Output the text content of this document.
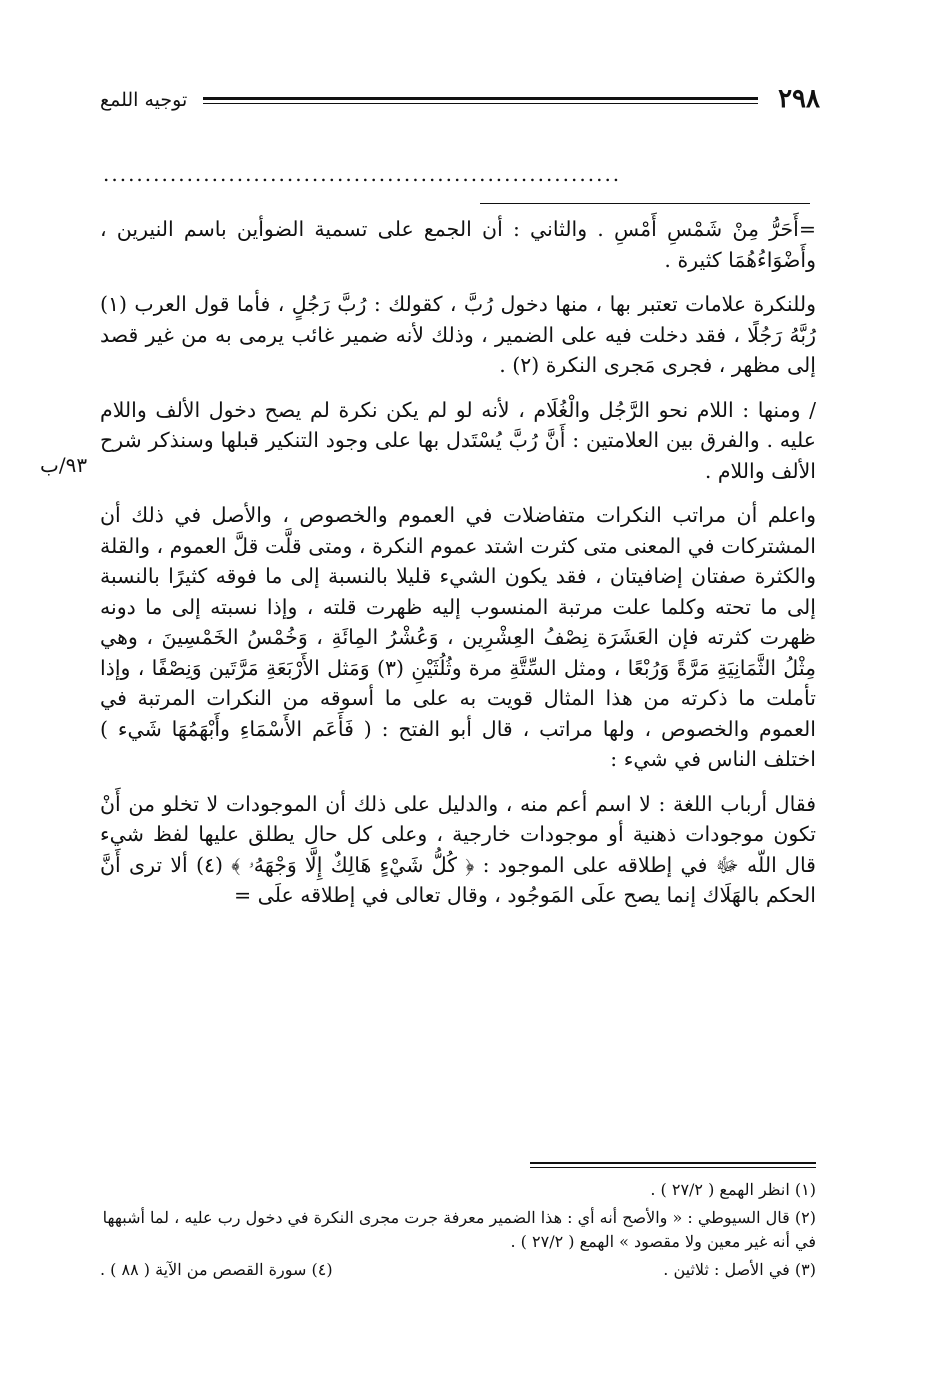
٢٩٨
توجيه اللمع
..............................................................
٩٣/ب

=أَحَرُّ مِنْ شَمْسِ أَمْسِ . والثاني : أن الجمع على تسمية الضوأين باسم النيرين ، وأَضْوَاءُهُمَا كثيرة .

وللنكرة علامات تعتبر بها ، منها دخول رُبَّ ، كقولك : رُبَّ رَجُلٍ ، فأما قول العرب (١) رُبَّهُ رَجُلًا ، فقد دخلت فيه على الضمير ، وذلك لأنه ضمير غائب يرمى به من غير قصد إلى مظهر ، فجرى مَجرى النكرة (٢) .

/ ومنها : اللام نحو الرَّجُل والْغُلَام ، لأنه لو لم يكن نكرة لم يصح دخول الألف واللام عليه . والفرق بين العلامتين : أَنَّ رُبَّ يُسْتَدل بها على وجود التنكير قبلها وسنذكر شرح الألف واللام .

واعلم أن مراتب النكرات متفاضلات في العموم والخصوص ، والأصل في ذلك أن المشتركات في المعنى متى كثرت اشتد عموم النكرة ، ومتى قلَّت قلَّ العموم ، والقلة والكثرة صفتان إضافيتان ، فقد يكون الشيء قليلا بالنسبة إلى ما فوقه كثيرًا بالنسبة إلى ما تحته وكلما علت مرتبة المنسوب إليه ظهرت قلته ، وإذا نسبته إلى ما دونه ظهرت كثرته فإن العَشَرَة نِصْفُ العِشْرِين ، وَعُشْرُ المِائَةِ ، وَخُمْسُ الخَمْسِينَ ، وهي مِثْلُ الثَّمَانِيَةِ مَرَّةً وَرُبْعًا ، ومثل السِّتَّةِ مرة وثُلُثَيْنِ (٣) وَمَثل الأَرْبَعَةِ مَرَّتَين وَنِصْفًا ، وإذا تأملت ما ذكرته من هذا المثال قويت به على ما أسوقه من النكرات المرتبة في العموم والخصوص ، ولها مراتب ، قال أبو الفتح : ( فَأَعَم الأَسْمَاءِ وأَبْهَمُهَا شَيء ) اختلف الناس في شيء :

فقال أرباب اللغة : لا اسم أعم منه ، والدليل على ذلك أن الموجودات لا تخلو من أَنْ تكون موجودات ذهنية أو موجودات خارجية ، وعلى كل حال يطلق عليها لفظ شيء قال اللّه ﷻ في إطلاقه على الموجود : ﴿ كُلُّ شَيْءٍ هَالِكٌ إِلَّا وَجْهَهُۥ ﴾ (٤) ألا ترى أَنَّ الحكم بالهَلَاك إنما يصح علَى المَوجُود ، وقال تعالى في إطلاقه علَى =

(١) انظر الهمع ( ٢٧/٢ ) .

(٢) قال السيوطي : « والأصح أنه أي : هذا الضمير معرفة جرت مجرى النكرة في دخول رب عليه ، لما أشبهها في أنه غير معين ولا مقصود » الهمع ( ٢٧/٢ ) .

(٣) في الأصل : ثلاثين .
(٤) سورة القصص من الآية ( ٨٨ ) .
